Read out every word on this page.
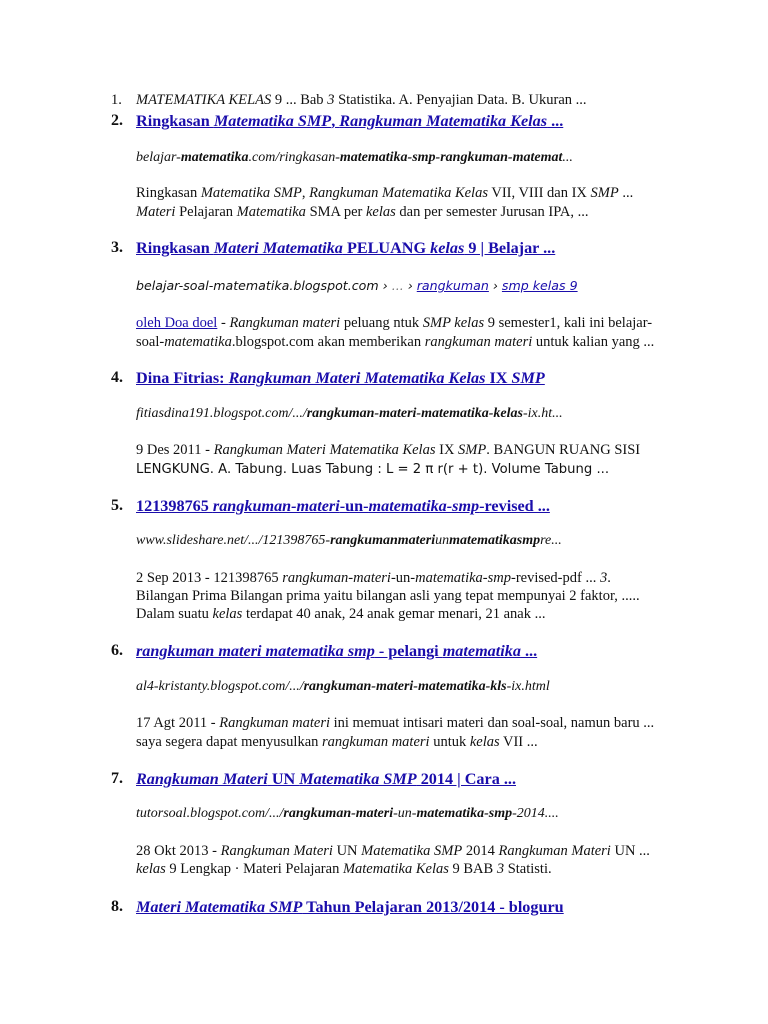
1. MATEMATIKA KELAS 9 ... Bab 3 Statistika. A. Penyajian Data. B. Ukuran ...
2. Ringkasan Matematika SMP, Rangkuman Matematika Kelas ...
belajar-matematika.com/ringkasan-matematika-smp-rangkuman-matemat...
Ringkasan Matematika SMP, Rangkuman Matematika Kelas VII, VIII dan IX SMP ...
Materi Pelajaran Matematika SMA per kelas dan per semester Jurusan IPA, ...
3. Ringkasan Materi Matematika PELUANG kelas 9 | Belajar ...
belajar-soal-matematika.blogspot.com › ... › rangkuman › smp kelas 9
oleh Doa doel - Rangkuman materi peluang ntuk SMP kelas 9 semester1, kali ini belajar-
soal-matematika.blogspot.com akan memberikan rangkuman materi untuk kalian yang ...
4. Dina Fitrias: Rangkuman Materi Matematika Kelas IX SMP
fitiasdina191.blogspot.com/.../rangkuman-materi-matematika-kelas-ix.ht...
9 Des 2011 - Rangkuman Materi Matematika Kelas IX SMP. BANGUN RUANG SISI
LENGKUNG. A. Tabung. Luas Tabung : L = 2 π r(r + t). Volume Tabung ...
5. 121398765 rangkuman-materi-un-matematika-smp-revised ...
www.slideshare.net/.../121398765-rangkumanmateriunmatematikasmpre...
2 Sep 2013 - 121398765 rangkuman-materi-un-matematika-smp-revised-pdf ... 3.
Bilangan Prima Bilangan prima yaitu bilangan asli yang tepat mempunyai 2 faktor, .....
Dalam suatu kelas terdapat 40 anak, 24 anak gemar menari, 21 anak ...
6. rangkuman materi matematika smp - pelangi matematika ...
al4-kristanty.blogspot.com/.../rangkuman-materi-matematika-kls-ix.html
17 Agt 2011 - Rangkuman materi ini memuat intisari materi dan soal-soal, namun baru ...
saya segera dapat menyusulkan rangkuman materi untuk kelas VII ...
7. Rangkuman Materi UN Matematika SMP 2014 | Cara ...
tutorsoal.blogspot.com/.../rangkuman-materi-un-matematika-smp-2014....
28 Okt 2013 - Rangkuman Materi UN Matematika SMP 2014 Rangkuman Materi UN ...
kelas 9 Lengkap · Materi Pelajaran Matematika Kelas 9 BAB 3 Statisti.
8. Materi Matematika SMP Tahun Pelajaran 2013/2014 - bloguru
